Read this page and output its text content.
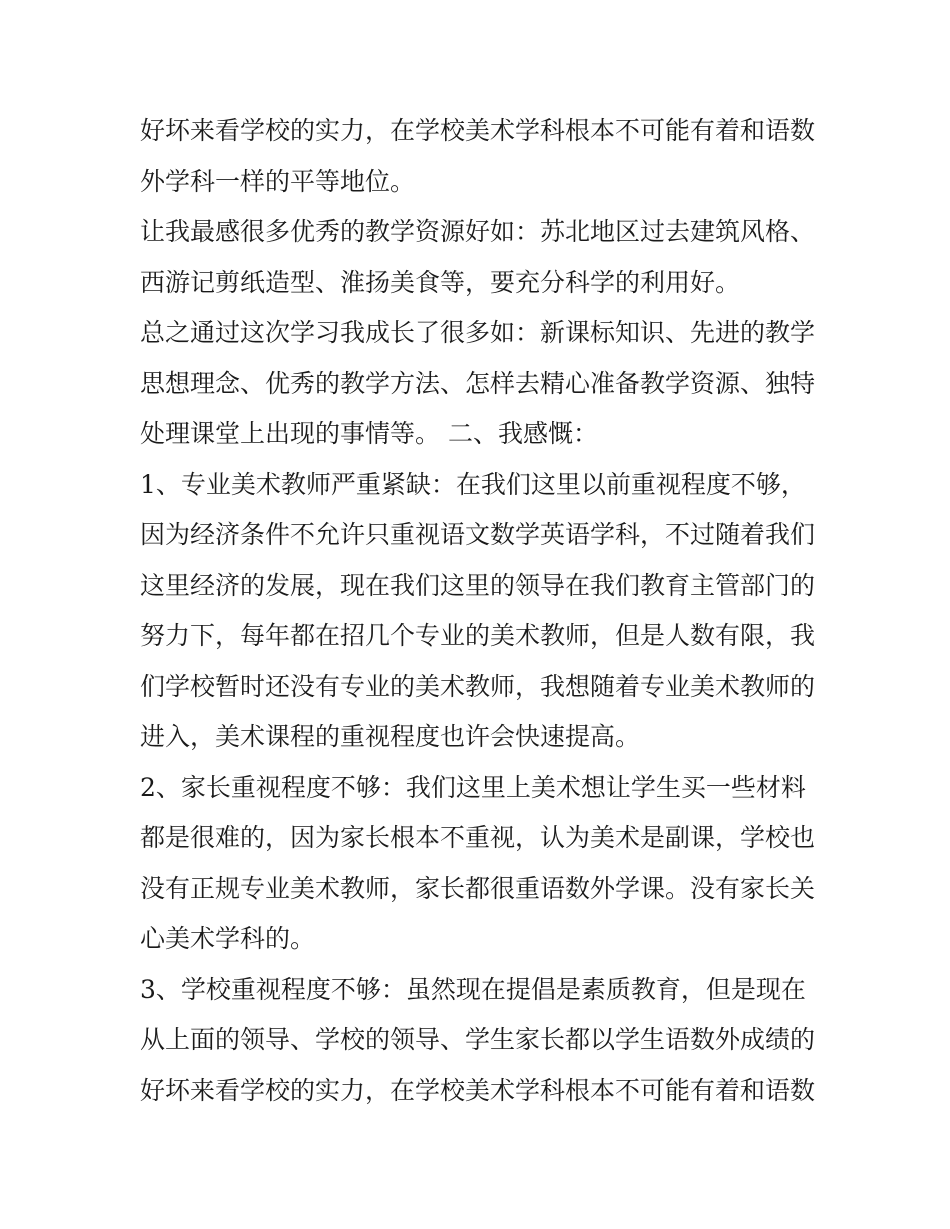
好坏来看学校的实力，在学校美术学科根本不可能有着和语数

外学科一样的平等地位。

让我最感很多优秀的教学资源好如：苏北地区过去建筑风格、

西游记剪纸造型、淮扬美食等，要充分科学的利用好。

总之通过这次学习我成长了很多如：新课标知识、先进的教学

思想理念、优秀的教学方法、怎样去精心准备教学资源、独特

处理课堂上出现的事情等。 二、我感慨：

1、专业美术教师严重紧缺：在我们这里以前重视程度不够，

因为经济条件不允许只重视语文数学英语学科，不过随着我们

这里经济的发展，现在我们这里的领导在我们教育主管部门的

努力下，每年都在招几个专业的美术教师，但是人数有限，我

们学校暂时还没有专业的美术教师，我想随着专业美术教师的

进入，美术课程的重视程度也许会快速提高。

2、家长重视程度不够：我们这里上美术想让学生买一些材料

都是很难的，因为家长根本不重视，认为美术是副课，学校也

没有正规专业美术教师，家长都很重语数外学课。没有家长关

心美术学科的。

3、学校重视程度不够：虽然现在提倡是素质教育，但是现在

从上面的领导、学校的领导、学生家长都以学生语数外成绩的

好坏来看学校的实力，在学校美术学科根本不可能有着和语数
